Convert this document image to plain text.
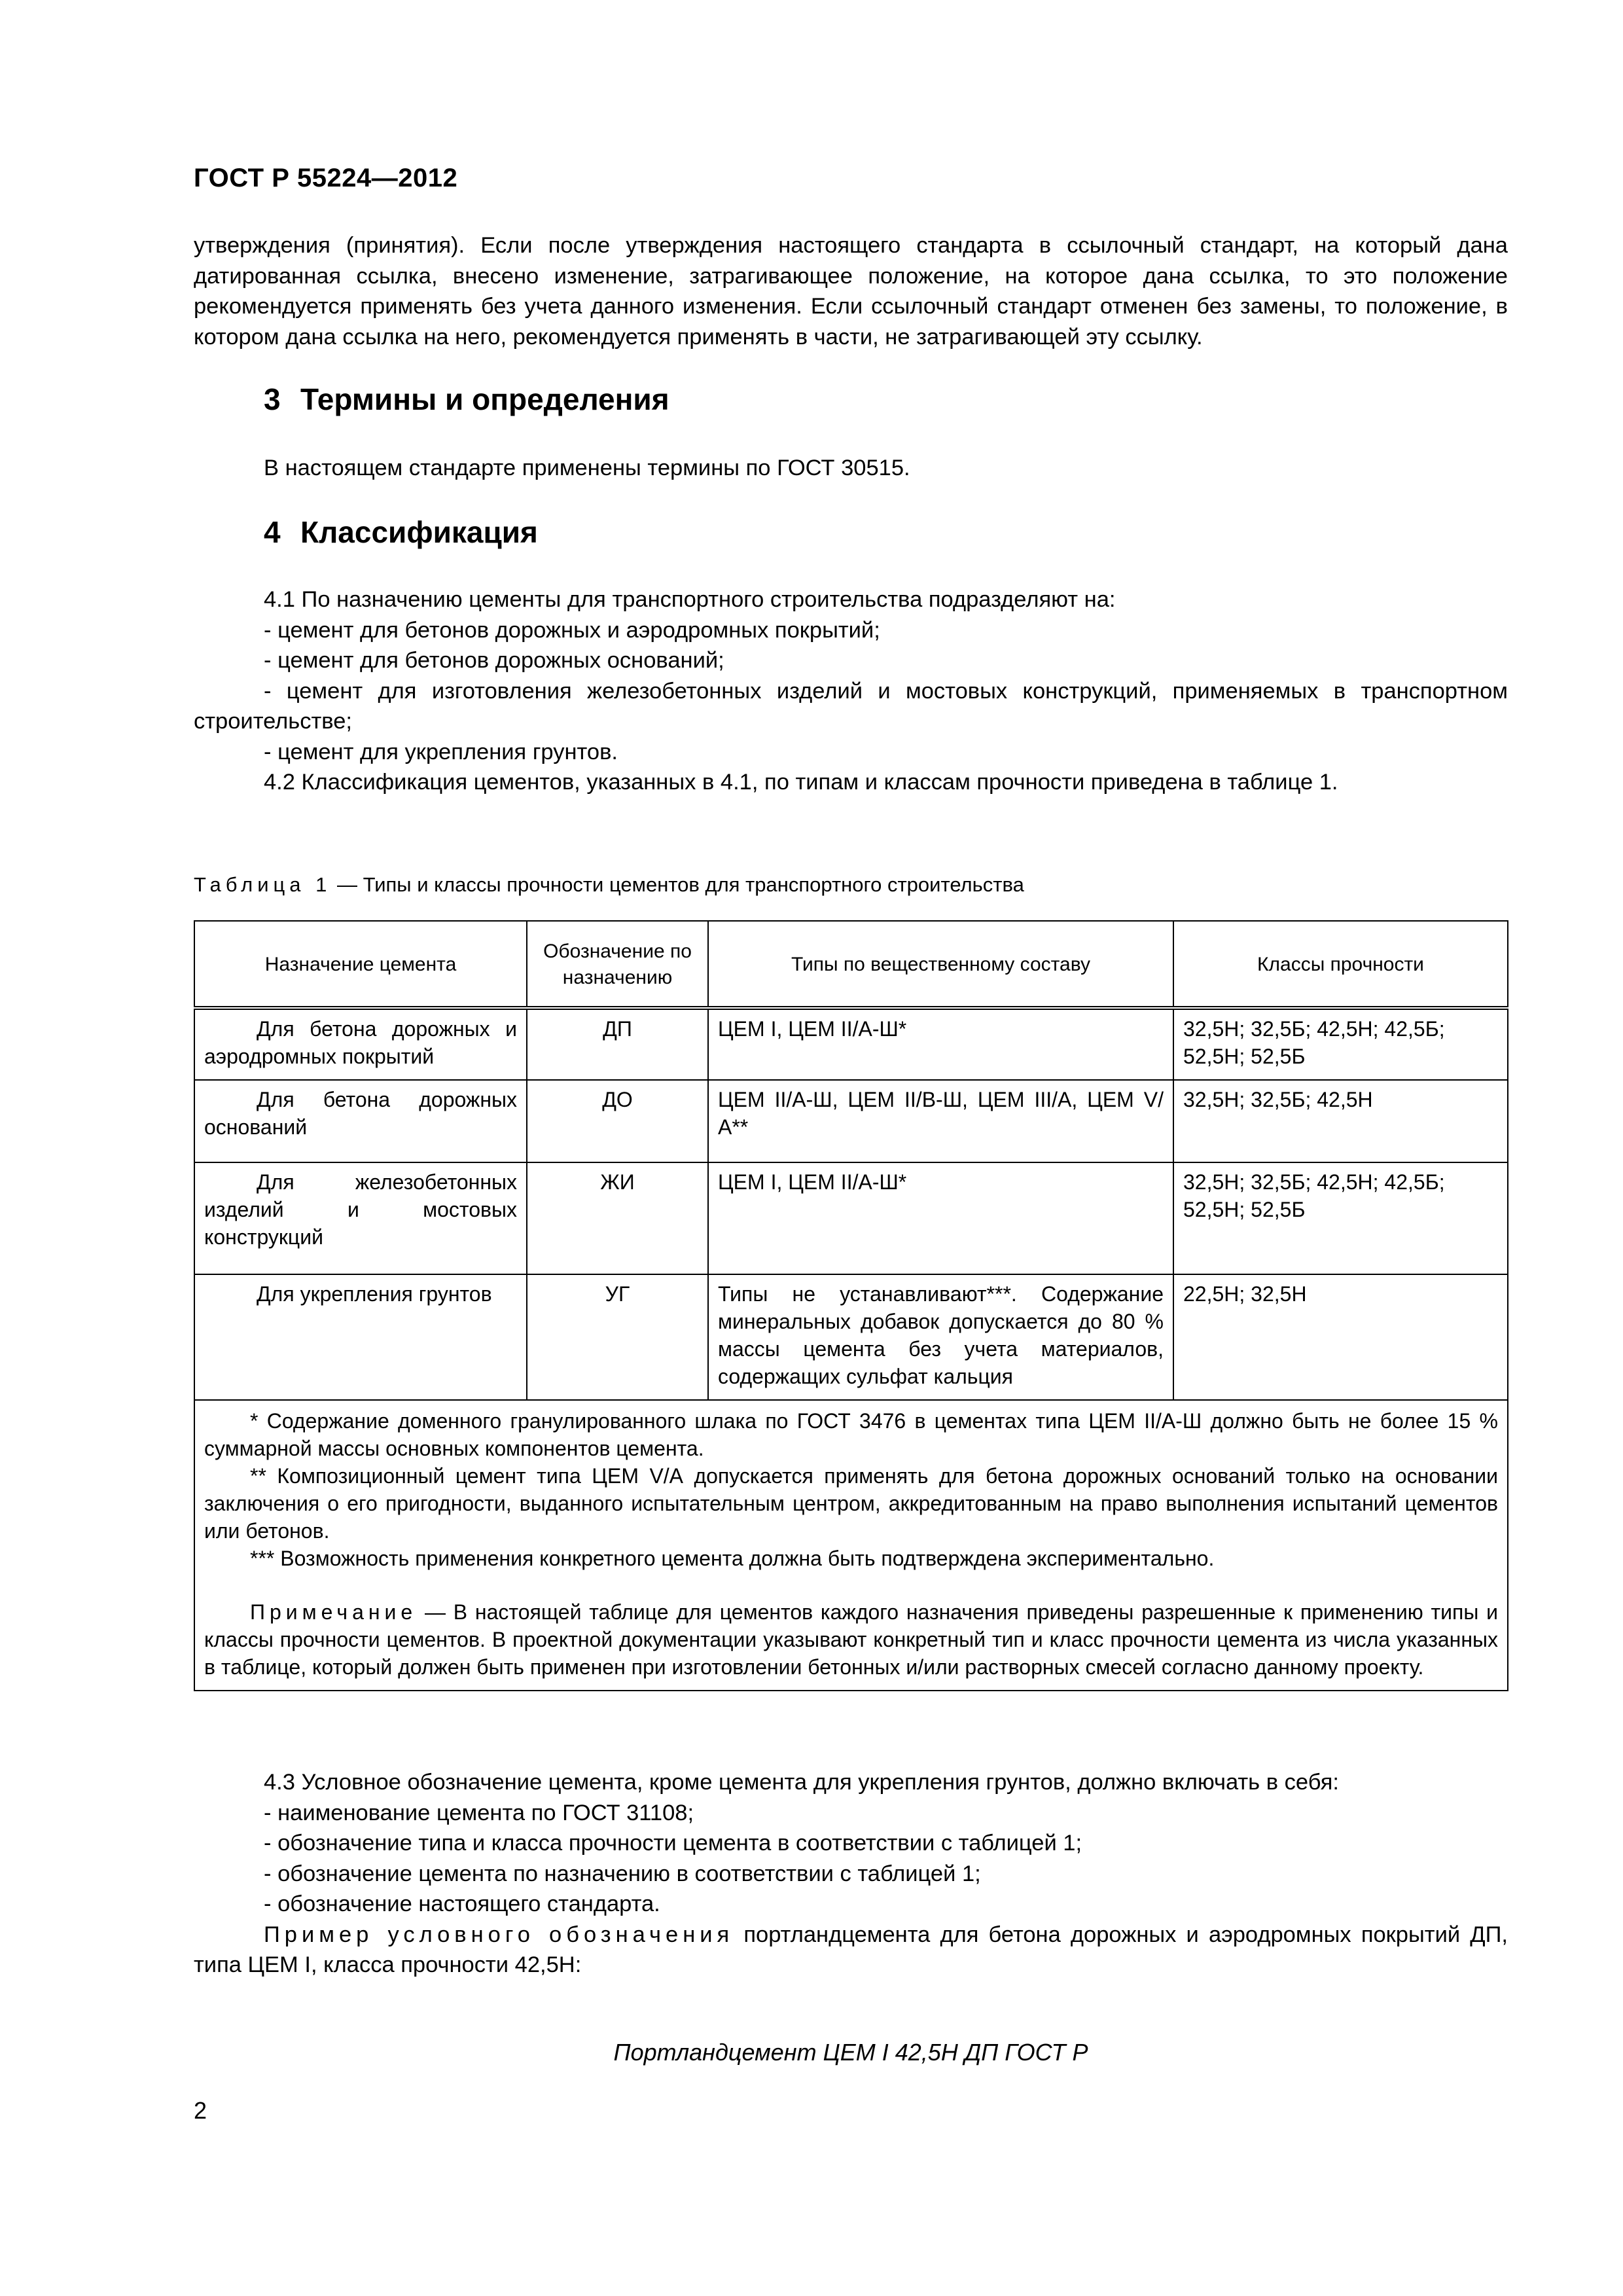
ГОСТ Р 55224—2012

утверждения (принятия). Если после утверждения настоящего стандарта в ссылочный стандарт, на который дана датированная ссылка, внесено изменение, затрагивающее положение, на которое дана ссылка, то это положение рекомендуется применять без учета данного изменения. Если ссылочный стандарт отменен без замены, то положение, в котором дана ссылка на него, рекомендуется применять в части, не затрагивающей эту ссылку.

3 Термины и определения

В настоящем стандарте применены термины по ГОСТ 30515.

4 Классификация

4.1 По назначению цементы для транспортного строительства подразделяют на:

- цемент для бетонов дорожных и аэродромных покрытий;

- цемент для бетонов дорожных оснований;

- цемент для изготовления железобетонных изделий и мостовых конструкций, применяемых в транспортном строительстве;

- цемент для укрепления грунтов.

4.2 Классификация цементов, указанных в 4.1, по типам и классам прочности приведена в таблице 1.

Таблица 1 — Типы и классы прочности цементов для транспортного строительства
Назначение цемента	Обозначение по назначению	Типы по вещественному составу	Классы прочности
Для бетона дорожных и аэродромных покрытий	ДП	ЦЕМ I, ЦЕМ II/А-Ш*	32,5Н; 32,5Б; 42,5Н; 42,5Б; 52,5Н; 52,5Б
Для бетона дорожных оснований	ДО	ЦЕМ II/А-Ш, ЦЕМ II/В-Ш, ЦЕМ III/А, ЦЕМ V/А**	32,5Н; 32,5Б; 42,5Н
Для железобетонных изделий и мостовых конструкций	ЖИ	ЦЕМ I, ЦЕМ II/А-Ш*	32,5Н; 32,5Б; 42,5Н; 42,5Б; 52,5Н; 52,5Б
Для укрепления грунтов	УГ	Типы не устанавливают***. Содержание минеральных добавок допускается до 80 % массы цемента без учета материалов, содержащих сульфат кальция	22,5Н; 32,5Н

* Содержание доменного гранулированного шлака по ГОСТ 3476 в цементах типа ЦЕМ II/А-Ш должно быть не более 15 % суммарной массы основных компонентов цемента.

** Композиционный цемент типа ЦЕМ V/А допускается применять для бетона дорожных оснований только на основании заключения о его пригодности, выданного испытательным центром, аккредитованным на право выполнения испытаний цементов или бетонов.

*** Возможность применения конкретного цемента должна быть подтверждена экспериментально.

Примечание — В настоящей таблице для цементов каждого назначения приведены разрешенные к применению типы и классы прочности цементов. В проектной документации указывают конкретный тип и класс прочности цемента из числа указанных в таблице, который должен быть применен при изготовлении бетонных и/или растворных смесей согласно данному проекту.			

4.3 Условное обозначение цемента, кроме цемента для укрепления грунтов, должно включать в себя:

- наименование цемента по ГОСТ 31108;

- обозначение типа и класса прочности цемента в соответствии с таблицей 1;

- обозначение цемента по назначению в соответствии с таблицей 1;

- обозначение настоящего стандарта.

Пример условного обозначения портландцемента для бетона дорожных и аэродромных покрытий ДП, типа ЦЕМ I, класса прочности 42,5Н:

Портландцемент ЦЕМ I 42,5Н ДП ГОСТ Р
2
